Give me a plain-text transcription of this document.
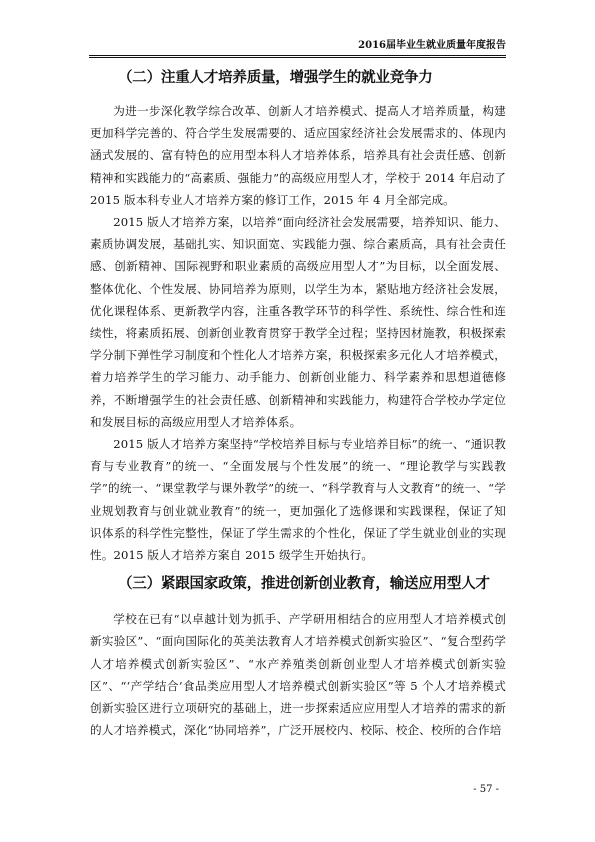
2016届毕业生就业质量年度报告
（二）注重人才培养质量，增强学生的就业竞争力

为进一步深化教学综合改革、创新人才培养模式、提高人才培养质量，构建更加科学完善的、符合学生发展需要的、适应国家经济社会发展需求的、体现内涵式发展的、富有特色的应用型本科人才培养体系，培养具有社会责任感、创新精神和实践能力的“高素质、强能力”的高级应用型人才，学校于 2014 年启动了 2015 版本科专业人才培养方案的修订工作，2015 年 4 月全部完成。

2015 版人才培养方案，以培养“面向经济社会发展需要，培养知识、能力、素质协调发展，基础扎实、知识面宽、实践能力强、综合素质高，具有社会责任感、创新精神、国际视野和职业素质的高级应用型人才”为目标，以全面发展、整体优化、个性发展、协同培养为原则，以学生为本，紧贴地方经济社会发展，优化课程体系、更新教学内容，注重各教学环节的科学性、系统性、综合性和连续性，将素质拓展、创新创业教育贯穿于教学全过程；坚持因材施教，积极探索学分制下弹性学习制度和个性化人才培养方案，积极探索多元化人才培养模式，着力培养学生的学习能力、动手能力、创新创业能力、科学素养和思想道德修养，不断增强学生的社会责任感、创新精神和实践能力，构建符合学校办学定位和发展目标的高级应用型人才培养体系。

2015 版人才培养方案坚持“学校培养目标与专业培养目标”的统一、“通识教育与专业教育”的统一、“全面发展与个性发展”的统一、“理论教学与实践教学”的统一、“课堂教学与课外教学”的统一、“科学教育与人文教育”的统一、“学业规划教育与创业就业教育”的统一，更加强化了选修课和实践课程，保证了知识体系的科学性完整性，保证了学生需求的个性化，保证了学生就业创业的实现性。2015 版人才培养方案自 2015 级学生开始执行。

（三）紧跟国家政策，推进创新创业教育，输送应用型人才

学校在已有“以卓越计划为抓手、产学研用相结合的应用型人才培养模式创新实验区”、“面向国际化的英美法教育人才培养模式创新实验区”、“复合型药学人才培养模式创新实验区”、“水产养殖类创新创业型人才培养模式创新实验区”、“‘产学结合’食品类应用型人才培养模式创新实验区”等 5 个人才培养模式创新实验区进行立项研究的基础上，进一步探索适应应用型人才培养的需求的新的人才培养模式，深化“协同培养”，广泛开展校内、校际、校企、校所的合作培

- 57 -
